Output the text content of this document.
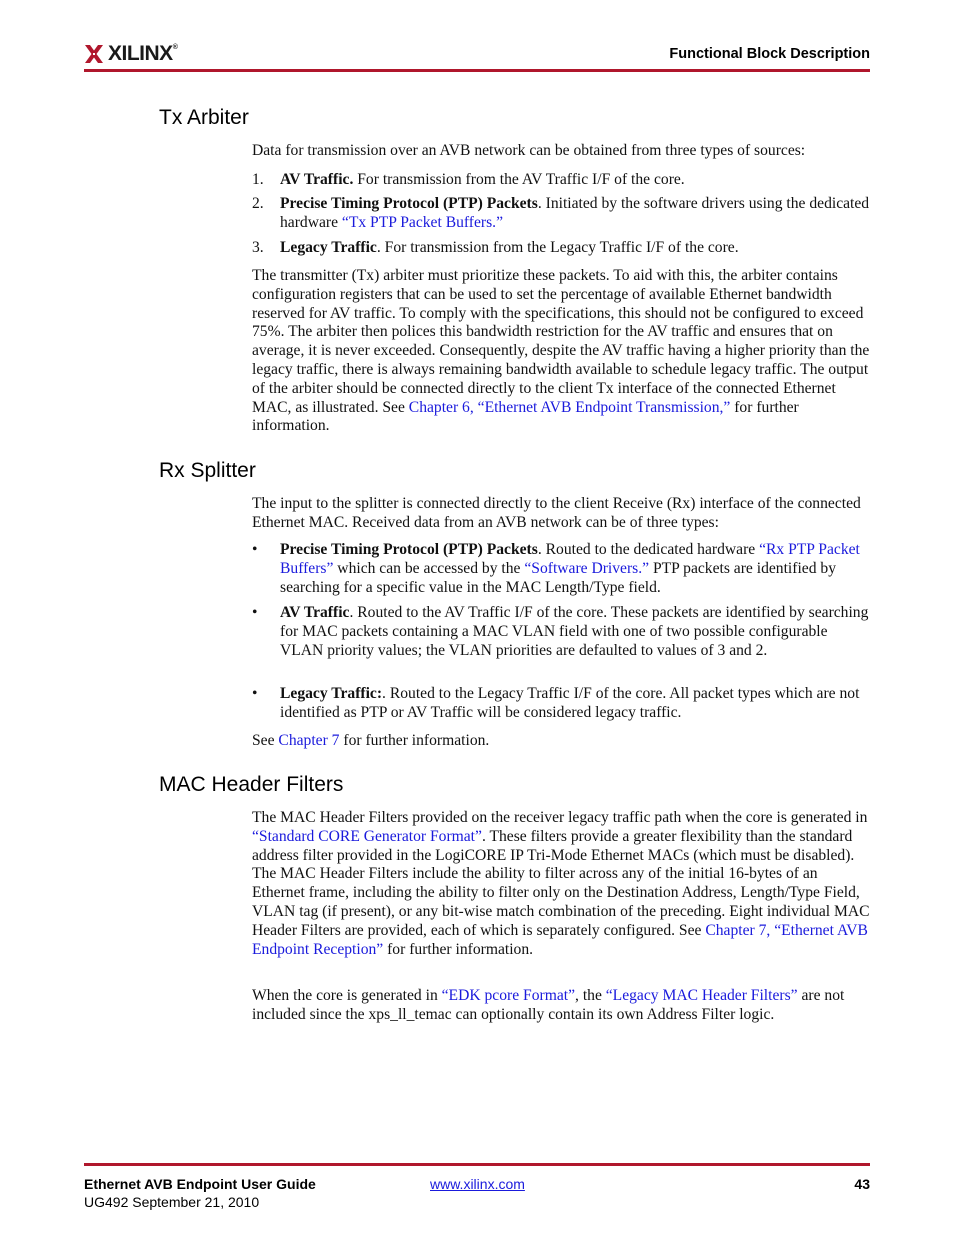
XILINX®	Functional Block Description
Tx Arbiter

Data for transmission over an AVB network can be obtained from three types of sources:

1. AV Traffic. For transmission from the AV Traffic I/F of the core.
2. Precise Timing Protocol (PTP) Packets. Initiated by the software drivers using the dedicated hardware “Tx PTP Packet Buffers.”
3. Legacy Traffic. For transmission from the Legacy Traffic I/F of the core.

The transmitter (Tx) arbiter must prioritize these packets. To aid with this, the arbiter contains configuration registers that can be used to set the percentage of available Ethernet bandwidth reserved for AV traffic. To comply with the specifications, this should not be configured to exceed 75%. The arbiter then polices this bandwidth restriction for the AV traffic and ensures that on average, it is never exceeded. Consequently, despite the AV traffic having a higher priority than the legacy traffic, there is always remaining bandwidth available to schedule legacy traffic. The output of the arbiter should be connected directly to the client Tx interface of the connected Ethernet MAC, as illustrated. See Chapter 6, “Ethernet AVB Endpoint Transmission,” for further information.

Rx Splitter

The input to the splitter is connected directly to the client Receive (Rx) interface of the connected Ethernet MAC. Received data from an AVB network can be of three types:

• Precise Timing Protocol (PTP) Packets. Routed to the dedicated hardware “Rx PTP Packet Buffers” which can be accessed by the “Software Drivers.” PTP packets are identified by searching for a specific value in the MAC Length/Type field.
• AV Traffic. Routed to the AV Traffic I/F of the core. These packets are identified by searching for MAC packets containing a MAC VLAN field with one of two possible configurable VLAN priority values; the VLAN priorities are defaulted to values of 3 and 2.
• Legacy Traffic:. Routed to the Legacy Traffic I/F of the core. All packet types which are not identified as PTP or AV Traffic will be considered legacy traffic.

See Chapter 7 for further information.

MAC Header Filters

The MAC Header Filters provided on the receiver legacy traffic path when the core is generated in “Standard CORE Generator Format”. These filters provide a greater flexibility than the standard address filter provided in the LogiCORE IP Tri-Mode Ethernet MACs (which must be disabled). The MAC Header Filters include the ability to filter across any of the initial 16-bytes of an Ethernet frame, including the ability to filter only on the Destination Address, Length/Type Field, VLAN tag (if present), or any bit-wise match combination of the preceding. Eight individual MAC Header Filters are provided, each of which is separately configured. See Chapter 7, “Ethernet AVB Endpoint Reception” for further information.

When the core is generated in “EDK pcore Format”, the “Legacy MAC Header Filters” are not included since the xps_ll_temac can optionally contain its own Address Filter logic.

Ethernet AVB Endpoint User Guide
UG492 September 21, 2010
www.xilinx.com	43
